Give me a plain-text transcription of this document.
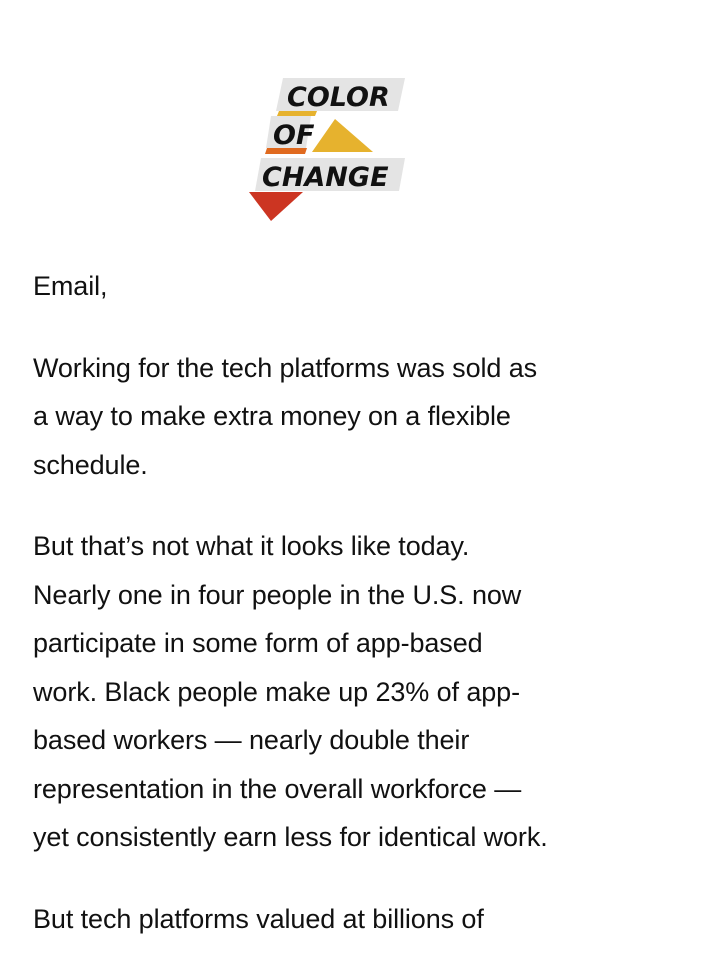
COLOR
OF
CHANGE

Email,

Working for the tech platforms was sold as
a way to make extra money on a flexible
schedule.

But that’s not what it looks like today.
Nearly one in four people in the U.S. now
participate in some form of app-based
work. Black people make up 23% of app-
based workers — nearly double their
representation in the overall workforce —
yet consistently earn less for identical work.

But tech platforms valued at billions of
